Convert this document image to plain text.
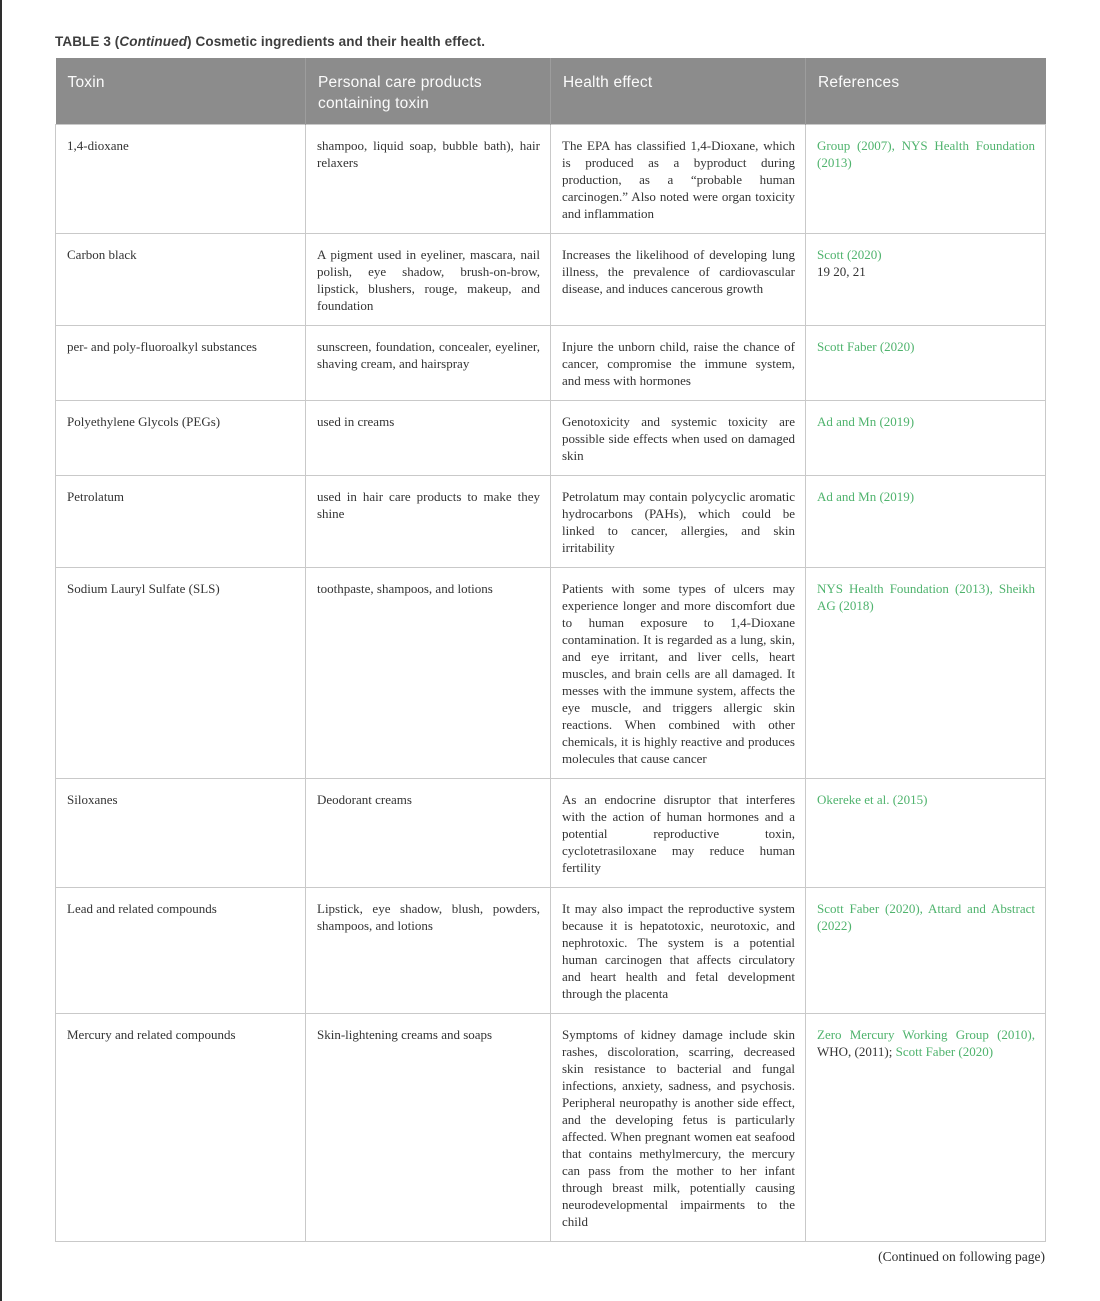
TABLE 3 (Continued) Cosmetic ingredients and their health effect.

Toxin	Personal care products containing toxin	Health effect	References
1,4-dioxane	shampoo, liquid soap, bubble bath), hair relaxers	The EPA has classified 1,4-Dioxane, which is produced as a byproduct during production, as a “probable human carcinogen.” Also noted were organ toxicity and inflammation	Group (2007), NYS Health Foundation (2013)
Carbon black	A pigment used in eyeliner, mascara, nail polish, eye shadow, brush-on-brow, lipstick, blushers, rouge, makeup, and foundation	Increases the likelihood of developing lung illness, the prevalence of cardiovascular disease, and induces cancerous growth	Scott (2020)
19 20, 21
per- and poly-fluoroalkyl substances	sunscreen, foundation, concealer, eyeliner, shaving cream, and hairspray	Injure the unborn child, raise the chance of cancer, compromise the immune system, and mess with hormones	Scott Faber (2020)
Polyethylene Glycols (PEGs)	used in creams	Genotoxicity and systemic toxicity are possible side effects when used on damaged skin	Ad and Mn (2019)
Petrolatum	used in hair care products to make they shine	Petrolatum may contain polycyclic aromatic hydrocarbons (PAHs), which could be linked to cancer, allergies, and skin irritability	Ad and Mn (2019)
Sodium Lauryl Sulfate (SLS)	toothpaste, shampoos, and lotions	Patients with some types of ulcers may experience longer and more discomfort due to human exposure to 1,4-Dioxane contamination. It is regarded as a lung, skin, and eye irritant, and liver cells, heart muscles, and brain cells are all damaged. It messes with the immune system, affects the eye muscle, and triggers allergic skin reactions. When combined with other chemicals, it is highly reactive and produces molecules that cause cancer	NYS Health Foundation (2013), Sheikh AG (2018)
Siloxanes	Deodorant creams	As an endocrine disruptor that interferes with the action of human hormones and a potential reproductive toxin, cyclotetrasiloxane may reduce human fertility	Okereke et al. (2015)
Lead and related compounds	Lipstick, eye shadow, blush, powders, shampoos, and lotions	It may also impact the reproductive system because it is hepatotoxic, neurotoxic, and nephrotoxic. The system is a potential human carcinogen that affects circulatory and heart health and fetal development through the placenta	Scott Faber (2020), Attard and Abstract (2022)
Mercury and related compounds	Skin-lightening creams and soaps	Symptoms of kidney damage include skin rashes, discoloration, scarring, decreased skin resistance to bacterial and fungal infections, anxiety, sadness, and psychosis. Peripheral neuropathy is another side effect, and the developing fetus is particularly affected. When pregnant women eat seafood that contains methylmercury, the mercury can pass from the mother to her infant through breast milk, potentially causing neurodevelopmental impairments to the child	Zero Mercury Working Group (2010), WHO, (2011); Scott Faber (2020)
(Continued on following page)
